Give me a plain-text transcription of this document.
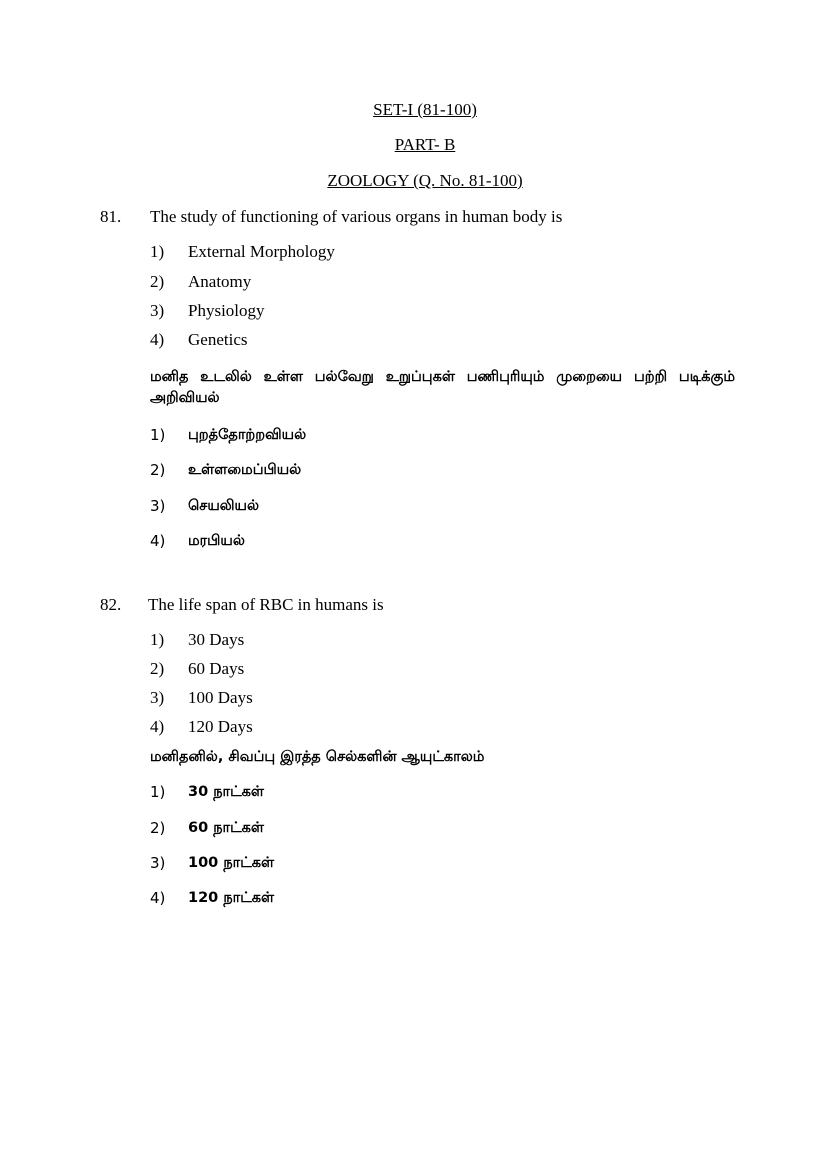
SET-I (81-100)
PART- B
ZOOLOGY (Q. No. 81-100)
81. The study of functioning of various organs in human body is
1) External Morphology
2) Anatomy
3) Physiology
4) Genetics
மனித உடலில் உள்ள பல்வேறு உறுப்புகள் பணிபுரியும் முறையை பற்றி படிக்கும் அறிவியல்
1) புறத்தோற்றவியல்
2) உள்ளமைப்பியல்
3) செயலியல்
4) மரபியல்
82. The life span of RBC in humans is
1) 30 Days
2) 60 Days
3) 100 Days
4) 120 Days
மனிதனில், சிவப்பு இரத்த செல்களின் ஆயுட்காலம்
1) 30 நாட்கள்
2) 60 நாட்கள்
3) 100 நாட்கள்
4) 120 நாட்கள்
